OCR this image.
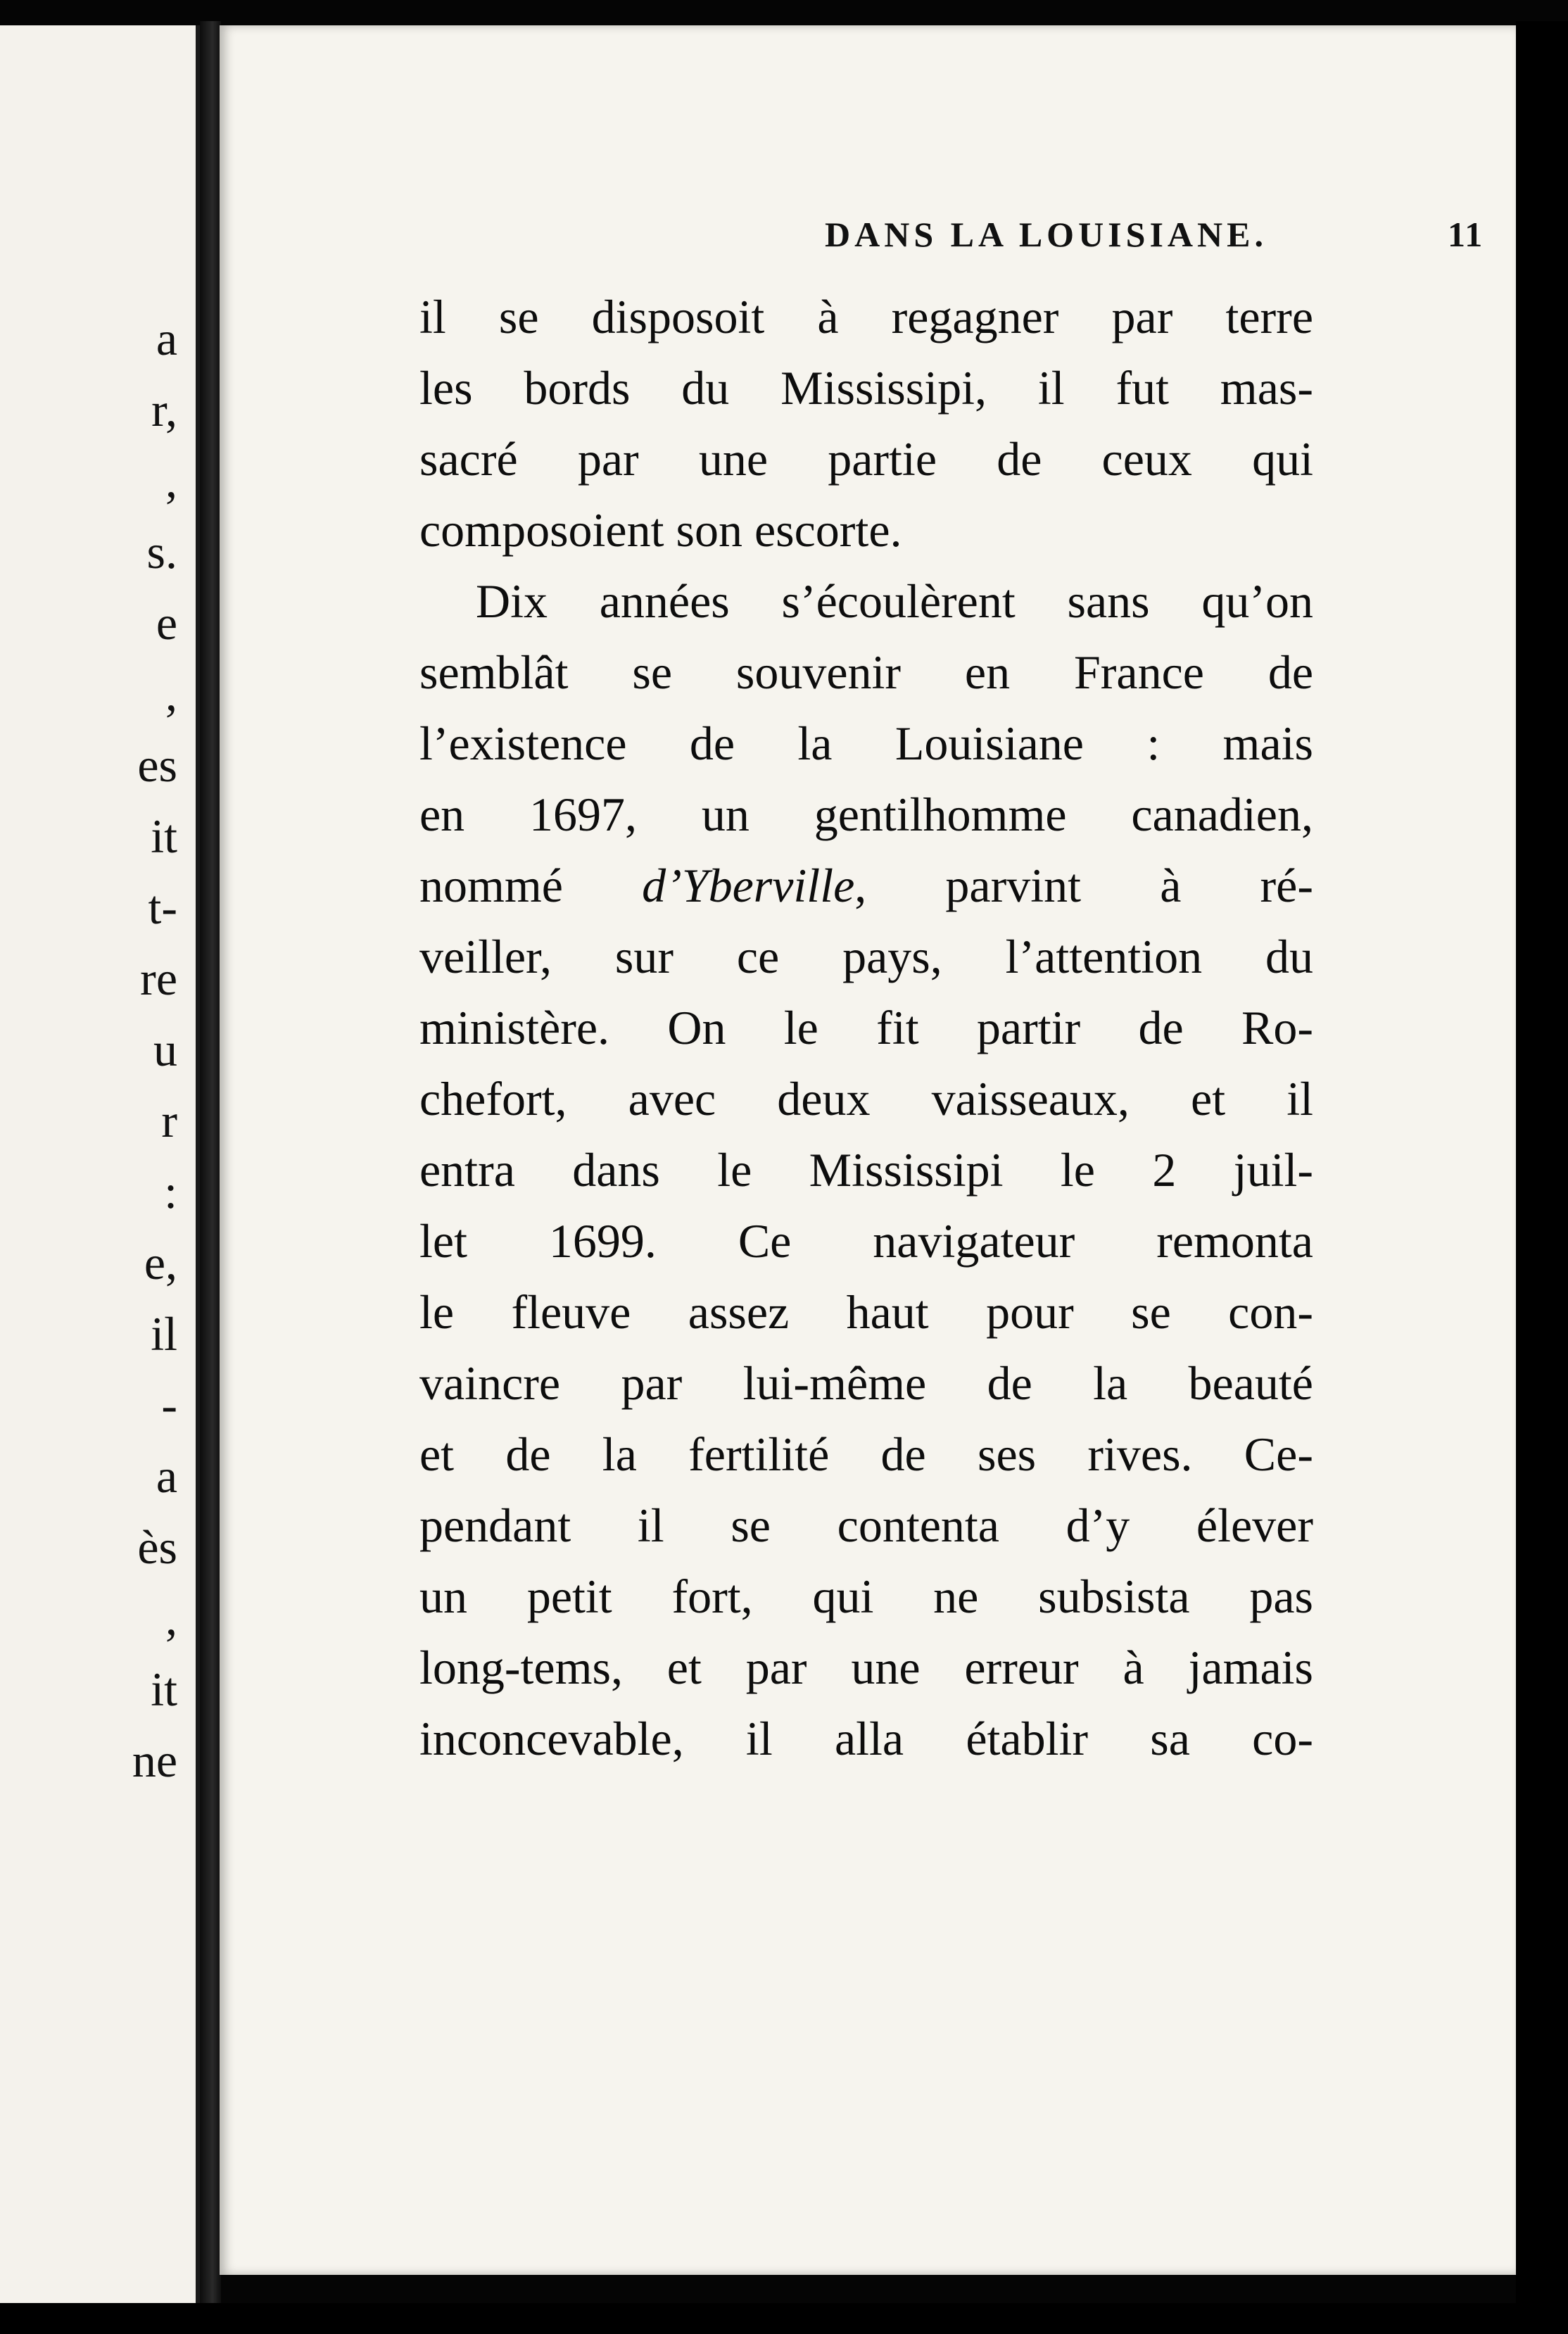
a
r,
,
s.
e
,
es
it
t-
re
u
r
:
e,
il
-
a
ès
,
it
ne
DANS LA LOUISIANE.	11
il se disposoit à regagner par terre
les bords du Mississipi, il fut mas-
sacré par une partie de ceux qui
composoient son escorte.
Dix années s’écoulèrent sans qu’on
semblât se souvenir en France de
l’existence de la Louisiane : mais
en 1697, un gentilhomme canadien,
nommé d’Yberville, parvint à ré-
veiller, sur ce pays, l’attention du
ministère. On le fit partir de Ro-
chefort, avec deux vaisseaux, et il
entra dans le Mississipi le 2 juil-
let 1699. Ce navigateur remonta
le fleuve assez haut pour se con-
vaincre par lui-même de la beauté
et de la fertilité de ses rives. Ce-
pendant il se contenta d’y élever
un petit fort, qui ne subsista pas
long-tems, et par une erreur à jamais
inconcevable, il alla établir sa co-
